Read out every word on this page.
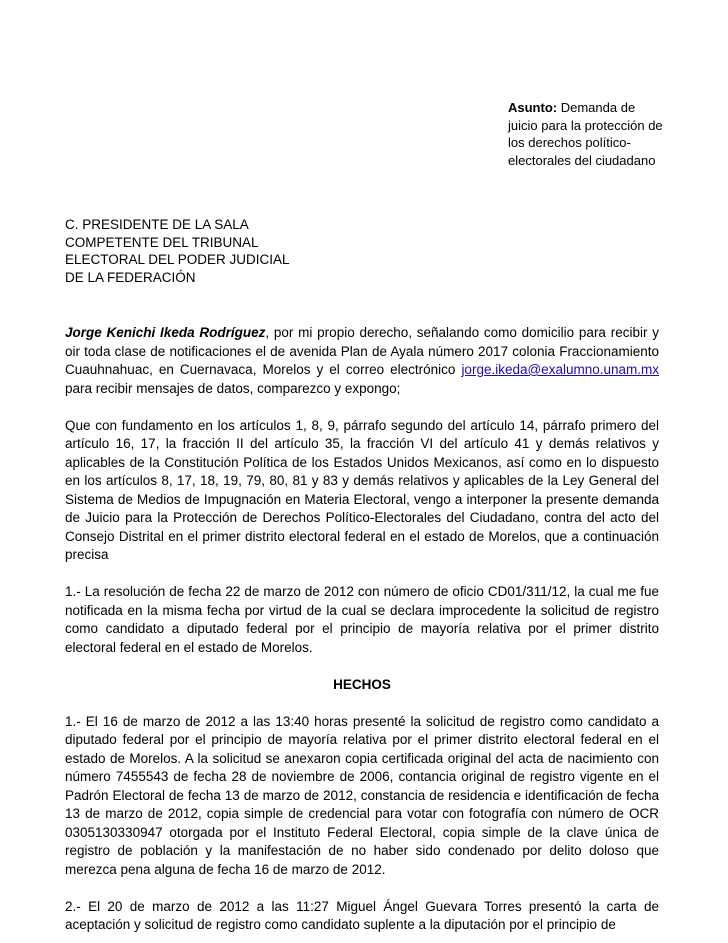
Asunto: Demanda de juicio para la protección de los derechos político-electorales del ciudadano
C. PRESIDENTE DE LA SALA
COMPETENTE DEL TRIBUNAL
ELECTORAL DEL PODER JUDICIAL
DE LA FEDERACIÓN

Jorge Kenichi Ikeda Rodríguez, por mi propio derecho, señalando como domicilio para recibir y oir toda clase de notificaciones el de avenida Plan de Ayala número 2017 colonia Fraccionamiento Cuauhnahuac, en Cuernavaca, Morelos y el correo electrónico jorge.ikeda@exalumno.unam.mx para recibir mensajes de datos, comparezco y expongo;

Que con fundamento en los artículos 1, 8, 9, párrafo segundo del artículo 14, párrafo primero del artículo 16, 17, la fracción II del artículo 35, la fracción VI del artículo 41 y demás relativos y aplicables de la Constitución Política de los Estados Unidos Mexicanos, así como en lo dispuesto en los artículos 8, 17, 18, 19, 79, 80, 81 y 83 y demás relativos y aplicables de la Ley General del Sistema de Medios de Impugnación en Materia Electoral, vengo a interponer la presente demanda de Juicio para la Protección de Derechos Político-Electorales del Ciudadano, contra del acto del Consejo Distrital en el primer distrito electoral federal en el estado de Morelos, que a continuación precisa

1.- La resolución de fecha 22 de marzo de 2012 con número de oficio CD01/311/12, la cual me fue notificada en la misma fecha por virtud de la cual se declara improcedente la solicitud de registro como candidato a diputado federal por el principio de mayoría relativa por el primer distrito electoral federal en el estado de Morelos.

HECHOS

1.- El 16 de marzo de 2012 a las 13:40 horas presenté la solicitud de registro como candidato a diputado federal por el principio de mayoría relativa por el primer distrito electoral federal en el estado de Morelos. A la solicitud se anexaron copia certificada original del acta de nacimiento con número 7455543 de fecha 28 de noviembre de 2006, contancia original de registro vigente en el Padrón Electoral de fecha 13 de marzo de 2012, constancia de residencia e identificación de fecha 13 de marzo de 2012, copia simple de credencial para votar con fotografía con número de OCR 0305130330947 otorgada por el Instituto Federal Electoral, copia simple de la clave única de registro de población y la manifestación de no haber sido condenado por delito doloso que merezca pena alguna de fecha 16 de marzo de 2012.

2.- El 20 de marzo de 2012 a las 11:27 Miguel Ángel Guevara Torres presentó la carta de aceptación y solicitud de registro como candidato suplente a la diputación por el principio de
